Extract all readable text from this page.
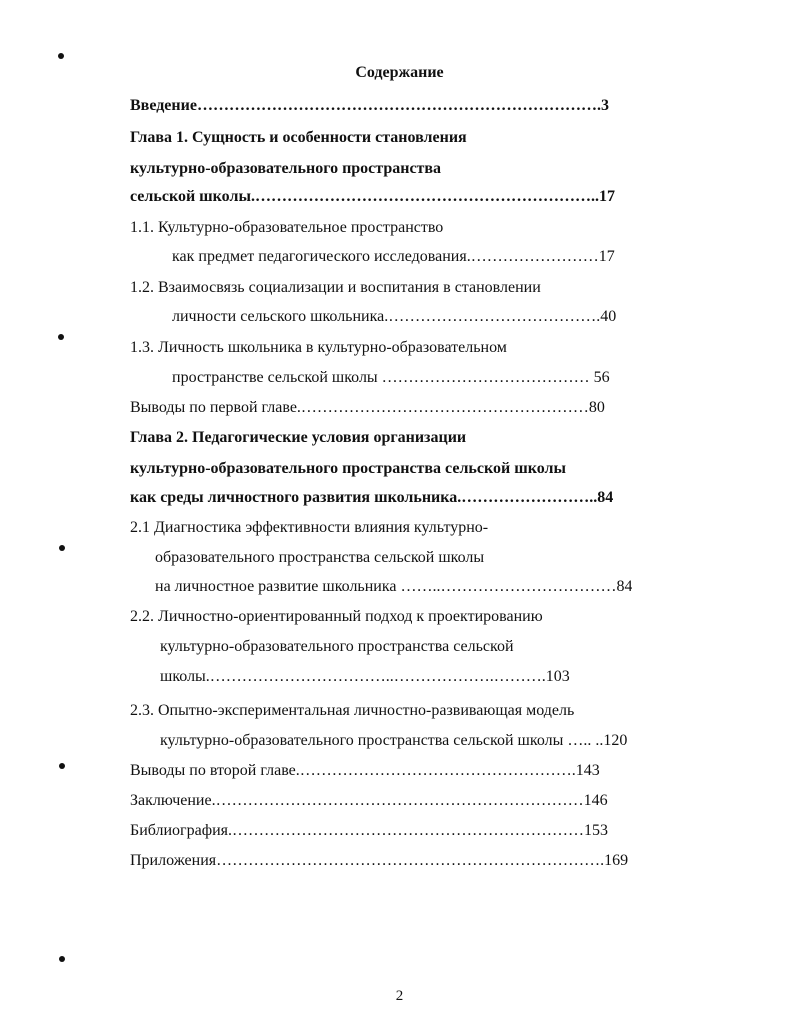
Содержание
Введение………………………………………………………………….3
Глава 1. Сущность и особенности становления
культурно-образовательного пространства
сельской школы.………………………………………………………..17
1.1. Культурно-образовательное пространство
как предмет педагогического исследования.……………………17
1.2. Взаимосвязь социализации и воспитания в становлении
личности сельского школьника.………………………………….40
1.3. Личность школьника в культурно-образовательном
пространстве сельской школы ………………………………… 56
Выводы по первой главе.………………………………………………80
Глава 2. Педагогические условия организации
культурно-образовательного пространства сельской школы
как среды личностного развития школьника.……………………..84
2.1 Диагностика эффективности влияния культурно-
образовательного пространства сельской школы
на личностное развитие школьника ……..……………………………84
2.2. Личностно-ориентированный подход к проектированию
культурно-образовательного пространства сельской
школы.……………………………..……………….……….103
2.3. Опытно-экспериментальная личностно-развивающая модель
культурно-образовательного пространства сельской школы ….. ..120
Выводы по второй главе.…………………………………………….143
Заключение.……………………………………………………………146
Библиография.…………………………………………………………153
Приложения……………………………………………………………….169
2
